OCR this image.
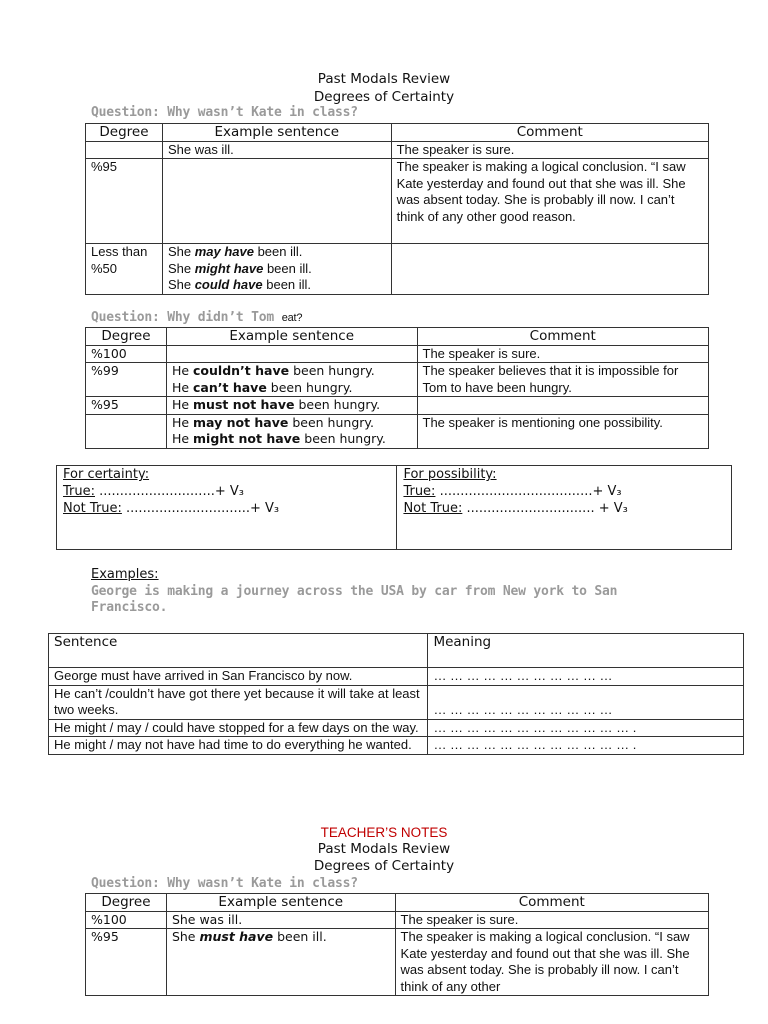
Past Modals Review
Degrees of Certainty
Question: Why wasn’t Kate in class?
Degree	Example sentence	Comment
	She was ill.	The speaker is sure.
%95		The speaker is making a logical conclusion. “I saw Kate yesterday and found out that she was ill. She was absent today. She is probably ill now. I can’t think of any other good reason.
Less than %50	She may have been ill.
She might have been ill.
She could have been ill.	

Question: Why didn’t Tom eat?
Degree	Example sentence	Comment
%100		The speaker is sure.
%99	He couldn’t have been hungry.
He can’t have been hungry.	The speaker believes that it is impossible for Tom to have been hungry.
%95	He must not have been hungry.	

	He may not have been hungry.
He might not have been hungry.	The speaker is mentioning one possibility.
For certainty:
True: ............................+ V₃
Not True: ..............................+ V₃

For possibility:
True: .....................................+ V₃
Not True: ............................... + V₃
Examples:
George is making a journey across the USA by car from New york to San Francisco.
Sentence	Meaning
George must have arrived in San Francisco by now.	… … … … … … … … … … …
He can’t /couldn’t have got there yet because it will take at least two weeks.	… … … … … … … … … … …
He might / may / could have stopped for a few days on the way.	… … … … … … … … … … … … .
He might / may not have had time to do everything he wanted.	… … … … … … … … … … … … .
TEACHER’S NOTES
Past Modals Review
Degrees of Certainty
Question: Why wasn’t Kate in class?
Degree	Example sentence	Comment
%100	She was ill.	The speaker is sure.
%95	She must have been ill.	The speaker is making a logical conclusion. “I saw Kate yesterday and found out that she was ill. She was absent today. She is probably ill now. I can’t think of any other
